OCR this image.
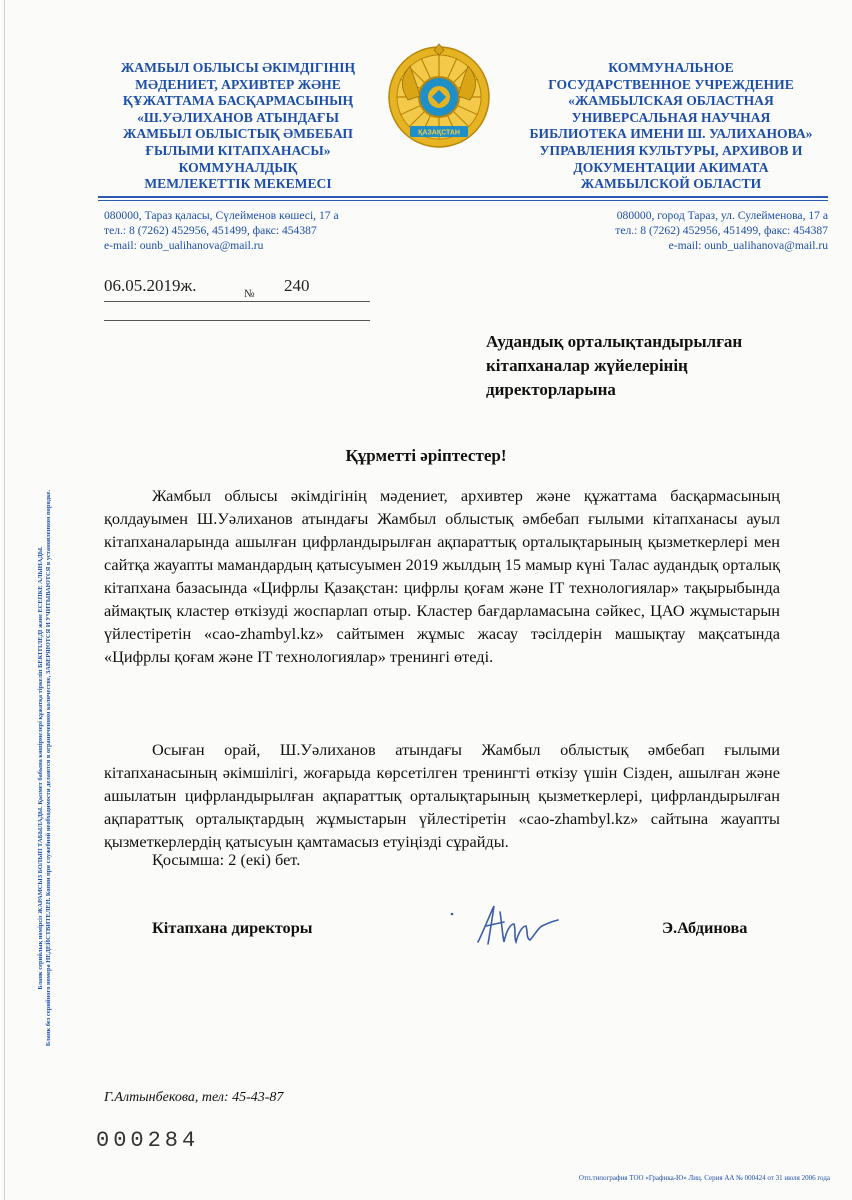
ЖАМБЫЛ ОБЛЫСЫ ӘКІМДІГІНІҢ
МӘДЕНИЕТ, АРХИВТЕР ЖӘНЕ
ҚҰЖАТТАМА БАСҚАРМАСЫНЫҢ
«Ш.УӘЛИХАНОВ АТЫНДАҒЫ
ЖАМБЫЛ ОБЛЫСТЫҚ ӘМБЕБАП
ҒЫЛЫМИ КІТАПХАНАСЫ»
КОММУНАЛДЫҚ
МЕМЛЕКЕТТІК МЕКЕМЕСІ
ҚАЗАҚСТАН
КОММУНАЛЬНОЕ
ГОСУДАРСТВЕННОЕ УЧРЕЖДЕНИЕ
«ЖАМБЫЛСКАЯ ОБЛАСТНАЯ
УНИВЕРСАЛЬНАЯ НАУЧНАЯ
БИБЛИОТЕКА ИМЕНИ Ш. УАЛИХАНОВА»
УПРАВЛЕНИЯ КУЛЬТУРЫ, АРХИВОВ И
ДОКУМЕНТАЦИИ АКИМАТА
ЖАМБЫЛСКОЙ ОБЛАСТИ
080000, Тараз қаласы, Сүлейменов көшесі, 17 а
тел.: 8 (7262) 452956, 451499, факс: 454387
e-mail: ounb_ualihanova@mail.ru
080000, город Тараз, ул. Сулейменова, 17 а
тел.: 8 (7262) 452956, 451499, факс: 454387
e-mail: ounb_ualihanova@mail.ru
06.05.2019ж.	№ 240
Аудандық орталықтандырылған
кітапханалар жүйелерінің
директорларына
Құрметті әріптестер!
Жамбыл облысы әкімдігінің мәдениет, архивтер және құжаттама басқармасының қолдауымен Ш.Уәлиханов атындағы Жамбыл облыстық әмбебап ғылыми кітапханасы ауыл кітапханаларында ашылған цифрландырылған ақпараттық орталықтарының қызметкерлері мен сайтқа жауапты мамандардың қатысуымен 2019 жылдың 15 мамыр күні Талас аудандық орталық кітапхана базасында «Цифрлы Қазақстан: цифрлы қоғам және IT технологиялар» тақырыбында аймақтық кластер өткізуді жоспарлап отыр. Кластер бағдарламасына сәйкес, ЦАО жұмыстарын үйлестіретін «cao-zhambyl.kz» сайтымен жұмыс жасау тәсілдерін машықтау мақсатында «Цифрлы қоғам және IT технологиялар» тренингі өтеді.
Осыған орай, Ш.Уәлиханов атындағы Жамбыл облыстық әмбебап ғылыми кітапханасының әкімшілігі, жоғарыда көрсетілген тренингті өткізу үшін Сізден, ашылған және ашылатын цифрландырылған ақпараттық орталықтарының қызметкерлері, цифрландырылған ақпараттық орталықтардың жұмыстарын үйлестіретін «cao-zhambyl.kz» сайтына жауапты қызметкерлердің қатысуын қамтамасыз етуіңізді сұрайды.
Қосымша: 2 (екі) бет.
Кітапхана директоры	Э.Абдинова
Г.Алтынбекова, тел: 45-43-87
000284
Отп.типография ТОО «Графика-Ю» Лиц. Серия АА № 000424 от 31 июля 2006 года
Бланк серийлық нөмірсіз ЖАРАМСЫЗ БОЛЫП ТАБЫЛАДЫ. Қызмет бабына көшірмелері құжатқа тіркеліп БЕКІТІЛЕДІ және ЕСЕПКЕ АЛЫНАДЫ. Бланк без серийного номера НЕДЕЙСТВИТЕЛЕН. Копии при служебной необходимости делаются в ограниченном количестве, ЗАВЕРЯЮТСЯ И УЧИТЫВАЮТСЯ в установленном порядке.
